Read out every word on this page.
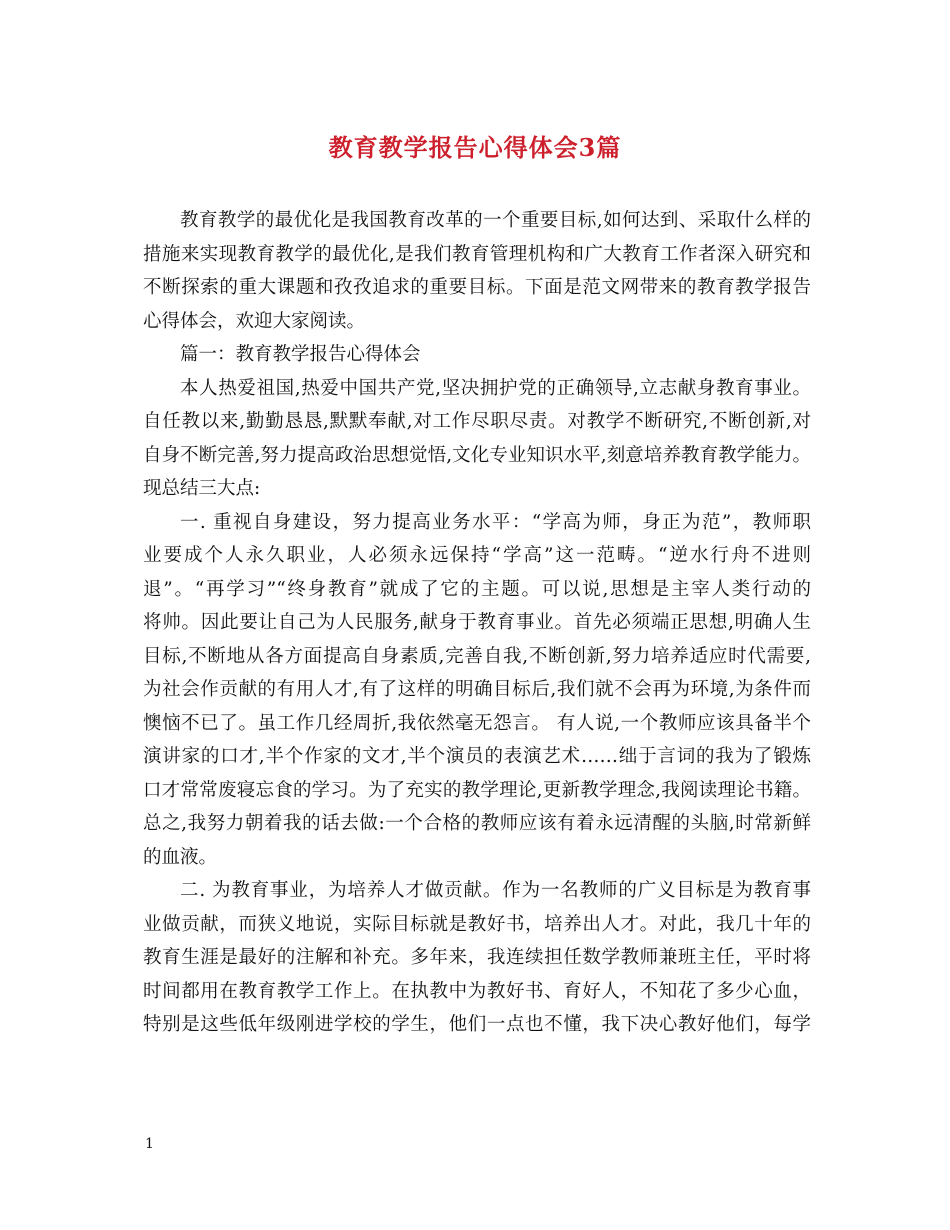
教育教学报告心得体会3篇
教育教学的最优化是我国教育改革的一个重要目标,如何达到、采取什么样的
措施来实现教育教学的最优化,是我们教育管理机构和广大教育工作者深入研究和
不断探索的重大课题和孜孜追求的重要目标。下面是范文网带来的教育教学报告
心得体会，欢迎大家阅读。
篇一：教育教学报告心得体会
本人热爱祖国,热爱中国共产党,坚决拥护党的正确领导,立志献身教育事业。
自任教以来,勤勤恳恳,默默奉献,对工作尽职尽责。对教学不断研究,不断创新,对
自身不断完善,努力提高政治思想觉悟,文化专业知识水平,刻意培养教育教学能力。
现总结三大点:
一. 重视自身建设，努力提高业务水平：“学高为师，身正为范”，教师职
业要成个人永久职业，人必须永远保持“学高”这一范畴。“逆水行舟不进则
退”。“再学习”“终身教育”就成了它的主题。可以说,思想是主宰人类行动的
将帅。因此要让自己为人民服务,献身于教育事业。首先必须端正思想,明确人生
目标,不断地从各方面提高自身素质,完善自我,不断创新,努力培养适应时代需要,
为社会作贡献的有用人才,有了这样的明确目标后,我们就不会再为环境,为条件而
懊恼不已了。虽工作几经周折,我依然毫无怨言。 有人说,一个教师应该具备半个
演讲家的口才,半个作家的文才,半个演员的表演艺术……绌于言词的我为了锻炼
口才常常废寝忘食的学习。为了充实的教学理论,更新教学理念,我阅读理论书籍。
总之,我努力朝着我的话去做:一个合格的教师应该有着永远清醒的头脑,时常新鲜
的血液。
二. 为教育事业，为培养人才做贡献。作为一名教师的广义目标是为教育事
业做贡献，而狭义地说，实际目标就是教好书，培养出人才。对此，我几十年的
教育生涯是最好的注解和补充。多年来，我连续担任数学教师兼班主任，平时将
时间都用在教育教学工作上。在执教中为教好书、育好人，不知花了多少心血，
特别是这些低年级刚进学校的学生，他们一点也不懂，我下决心教好他们，每学
1
